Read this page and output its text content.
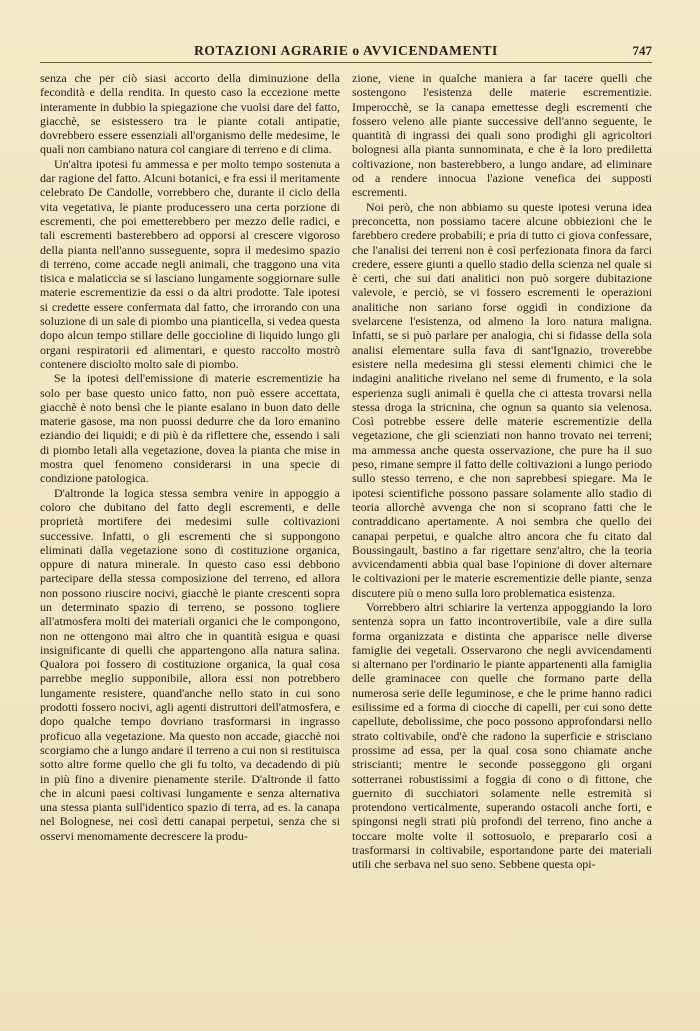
ROTAZIONI AGRARIE o AVVICENDAMENTI	747

senza che per ciò siasi accorto della diminuzione della fecondità e della rendita. In questo caso la eccezione mette interamente in dubbio la spiegazione che vuolsi dare del fatto, giacchè, se esistessero tra le piante cotali antipatie, dovrebbero essere essenziali all'organismo delle medesime, le quali non cambiano natura col cangiare di terreno e di clima.

Un'altra ipotesi fu ammessa e per molto tempo sostenuta a dar ragione del fatto. Alcuni botanici, e fra essi il meritamente celebrato De Candolle, vorrebbero che, durante il ciclo della vita vegetativa, le piante producessero una certa porzione di escrementi, che poi emetterebbero per mezzo delle radici, e tali escrementi basterebbero ad opporsi al crescere vigoroso della pianta nell'anno susseguente, sopra il medesimo spazio di terreno, come accade negli animali, che traggono una vita tisica e malaticcia se si lasciano lungamente soggiornare sulle materie escrementizie da essi o da altri prodotte. Tale ipotesi si credette essere confermata dal fatto, che irrorando con una soluzione di un sale di piombo una pianticella, si vedea questa dopo alcun tempo stillare delle goccioline di liquido lungo gli organi respiratorii ed alimentari, e questo raccolto mostrò contenere disciolto molto sale di piombo.

Se la ipotesi dell'emissione di materie escrementizie ha solo per base questo unico fatto, non può essere accettata, giacchè è noto bensì che le piante esalano in buon dato delle materie gasose, ma non puossi dedurre che da loro emanino eziandio dei liquidi; e di più è da riflettere che, essendo i sali di piombo letali alla vegetazione, dovea la pianta che mise in mostra quel fenomeno considerarsi in una specie di condizione patologica.

D'altronde la logica stessa sembra venire in appoggio a coloro che dubitano del fatto degli escrementi, e delle proprietà mortifere dei medesimi sulle coltivazioni successive. Infatti, o gli escrementi che si suppongono eliminati dalla vegetazione sono di costituzione organica, oppure di natura minerale. In questo caso essi debbono partecipare della stessa composizione del terreno, ed allora non possono riuscire nocivi, giacchè le piante crescenti sopra un determinato spazio di terreno, se possono togliere all'atmosfera molti dei materiali organici che le compongono, non ne ottengono mai altro che in quantità esigua e quasi insignificante di quelli che appartengono alla natura salina. Qualora poi fossero di costituzione organica, la qual cosa parrebbe meglio supponibile, allora essi non potrebbero lungamente resistere, quand'anche nello stato in cui sono prodotti fossero nocivi, agli agenti distruttori dell'atmosfera, e dopo qualche tempo dovriano trasformarsi in ingrasso proficuo alla vegetazione. Ma questo non accade, giacchè noi scorgiamo che a lungo andare il terreno a cui non si restituisca sotto altre forme quello che gli fu tolto, va decadendo di più in più fino a divenire pienamente sterile. D'altronde il fatto che in alcuni paesi coltivasi lungamente e senza alternativa una stessa pianta sull'identico spazio di terra, ad es. la canapa nel Bolognese, nei così detti canapai perpetui, senza che si osservi menomamente decrescere la produ-

zione, viene in qualche maniera a far tacere quelli che sostengono l'esistenza delle materie escrementizie. Imperocchè, se la canapa emettesse degli escrementi che fossero veleno alle piante successive dell'anno seguente, le quantità di ingrassi dei quali sono prodighi gli agricoltori bolognesi alla pianta sunnominata, e che è la loro prediletta coltivazione, non basterebbero, a lungo andare, ad eliminare od a rendere innocua l'azione venefica dei supposti escrementi.

Noi però, che non abbiamo su queste ipotesi veruna idea preconcetta, non possiamo tacere alcune obbiezioni che le farebbero credere probabili; e pria di tutto ci giova confessare, che l'analisi dei terreni non è così perfezionata finora da farci credere, essere giunti a quello stadio della scienza nel quale si è certi, che sui dati analitici non può sorgere dubitazione valevole, e perciò, se vi fossero escrementi le operazioni analitiche non sariano forse oggidì in condizione da svelarcene l'esistenza, od almeno la loro natura maligna. Infatti, se si può parlare per analogia, chi si fidasse della sola analisi elementare sulla fava di sant'Ignazio, troverebbe esistere nella medesima gli stessi elementi chimici che le indagini analitiche rivelano nel seme di frumento, e la sola esperienza sugli animali è quella che ci attesta trovarsi nella stessa droga la stricnina, che ognun sa quanto sia velenosa. Così potrebbe essere delle materie escrementizie della vegetazione, che gli scienziati non hanno trovato nei terreni; ma ammessa anche questa osservazione, che pure ha il suo peso, rimane sempre il fatto delle coltivazioni a lungo periodo sullo stesso terreno, e che non saprebbesi spiegare. Ma le ipotesi scientifiche possono passare solamente allo stadio di teoria allorchè avvenga che non si scoprano fatti che le contraddicano apertamente. A noi sembra che quello dei canapai perpetui, e qualche altro ancora che fu citato dal Boussingault, bastino a far rigettare senz'altro, che la teoria avvicendamenti abbia qual base l'opinione di dover alternare le coltivazioni per le materie escrementizie delle piante, senza discutere più o meno sulla loro problematica esistenza.

Vorrebbero altri schiarire la vertenza appoggiando la loro sentenza sopra un fatto incontrovertibile, vale a dire sulla forma organizzata e distinta che apparisce nelle diverse famiglie dei vegetali. Osservarono che negli avvicendamenti si alternano per l'ordinario le piante appartenenti alla famiglia delle graminacee con quelle che formano parte della numerosa serie delle leguminose, e che le prime hanno radici esilissime ed a forma di ciocche di capelli, per cui sono dette capellute, debolissime, che poco possono approfondarsi nello strato coltivabile, ond'è che radono la superficie e strisciano prossime ad essa, per la qual cosa sono chiamate anche striscianti; mentre le seconde posseggono gli organi sotterranei robustissimi a foggia di cono o di fittone, che guernito di succhiatori solamente nelle estremità si protendono verticalmente, superando ostacoli anche forti, e spingonsi negli strati più profondi del terreno, fino anche a toccare molte volte il sottosuolo, e prepararlo così a trasformarsi in coltivabile, esportandone parte dei materiali utili che serbava nel suo seno. Sebbene questa opi-
